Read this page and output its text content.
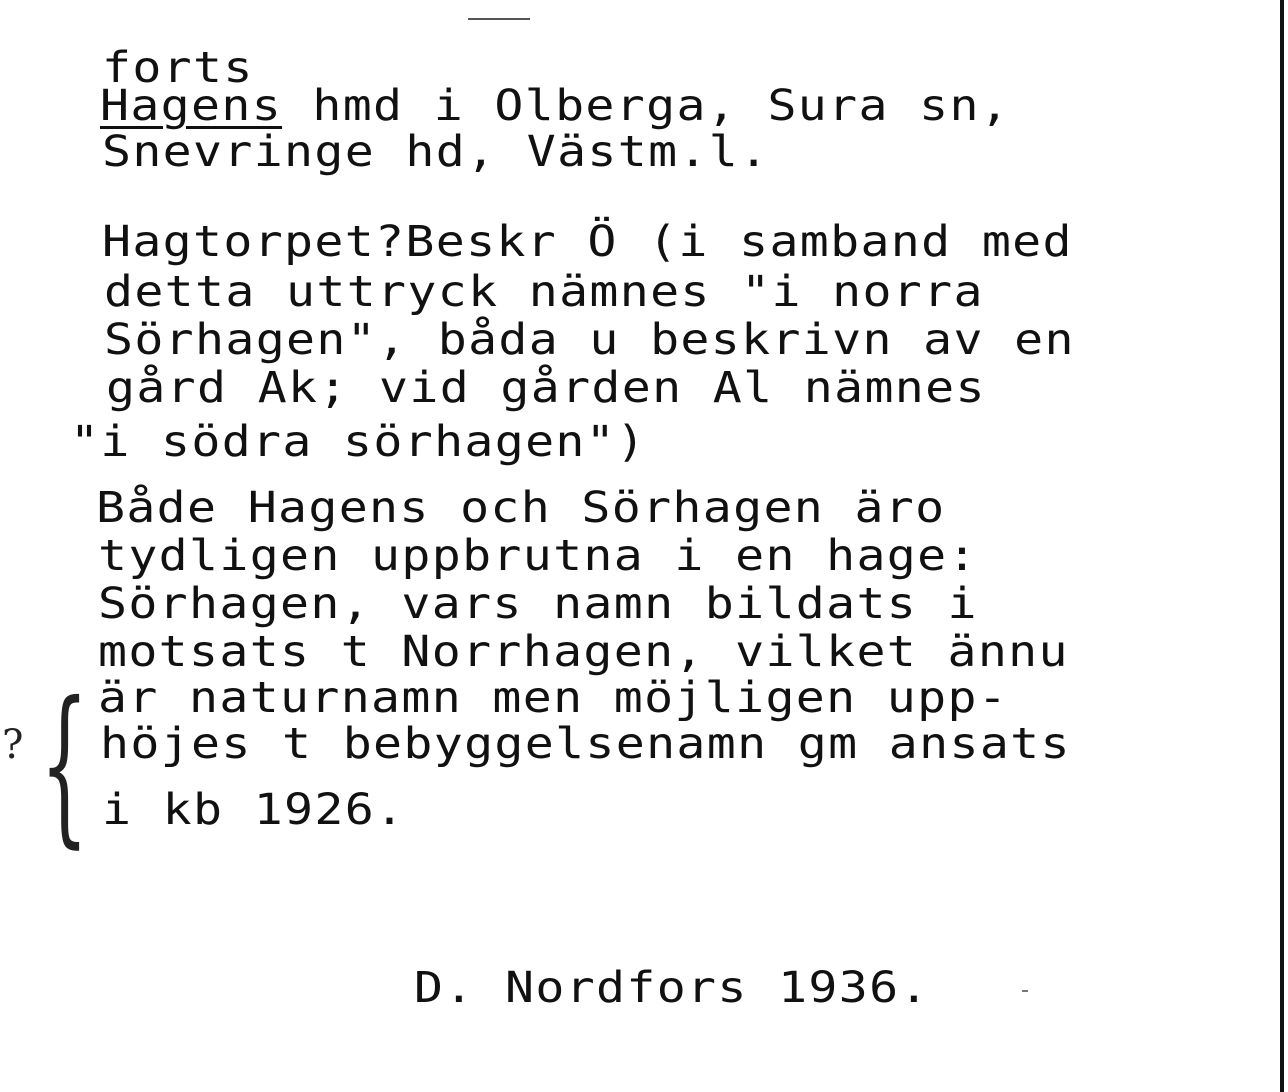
forts
Hagens hmd i Olberga, Sura sn,
Snevringe hd, Västm.l.
Hagtorpet?Beskr Ö (i samband med
detta uttryck nämnes "i norra
Sörhagen", båda u beskrivn av en
gård Ak; vid gården Al nämnes
"i södra sörhagen")
Både Hagens och Sörhagen äro
tydligen uppbrutna i en hage:
Sörhagen, vars namn bildats i
motsats t Norrhagen, vilket ännu
är naturnamn men möjligen upp-
höjes t bebyggelsenamn gm ansats
i kb 1926.
{
?
D. Nordfors 1936.
